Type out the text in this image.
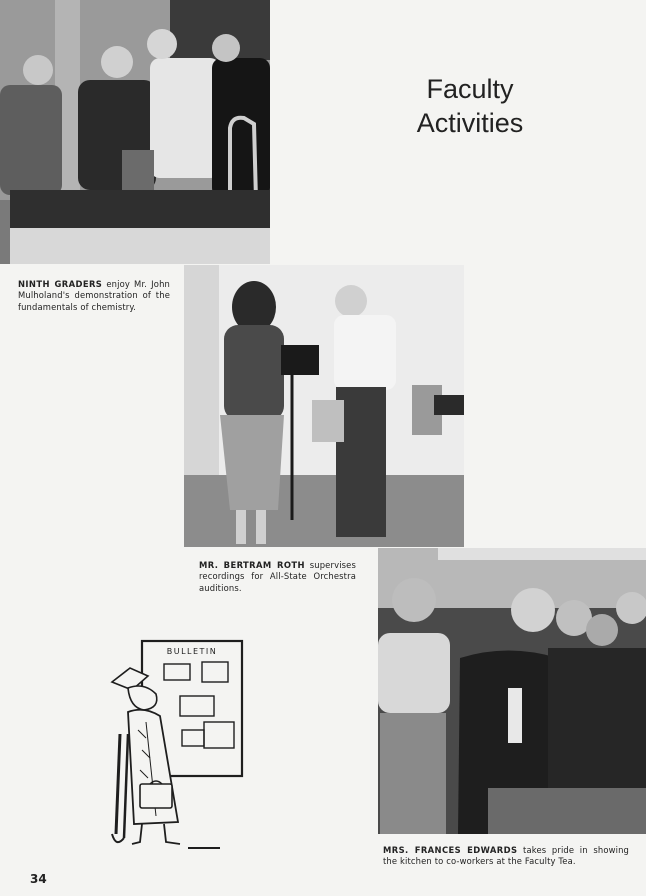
Faculty
Activities
NINTH GRADERS enjoy Mr. John Mulholand's demonstration of the fundamentals of chemistry.
MR. BERTRAM ROTH supervises recordings for All-State Orchestra auditions.
MRS. FRANCES EDWARDS takes pride in showing the kitchen to co-workers at the Faculty Tea.
BULLETIN
34
